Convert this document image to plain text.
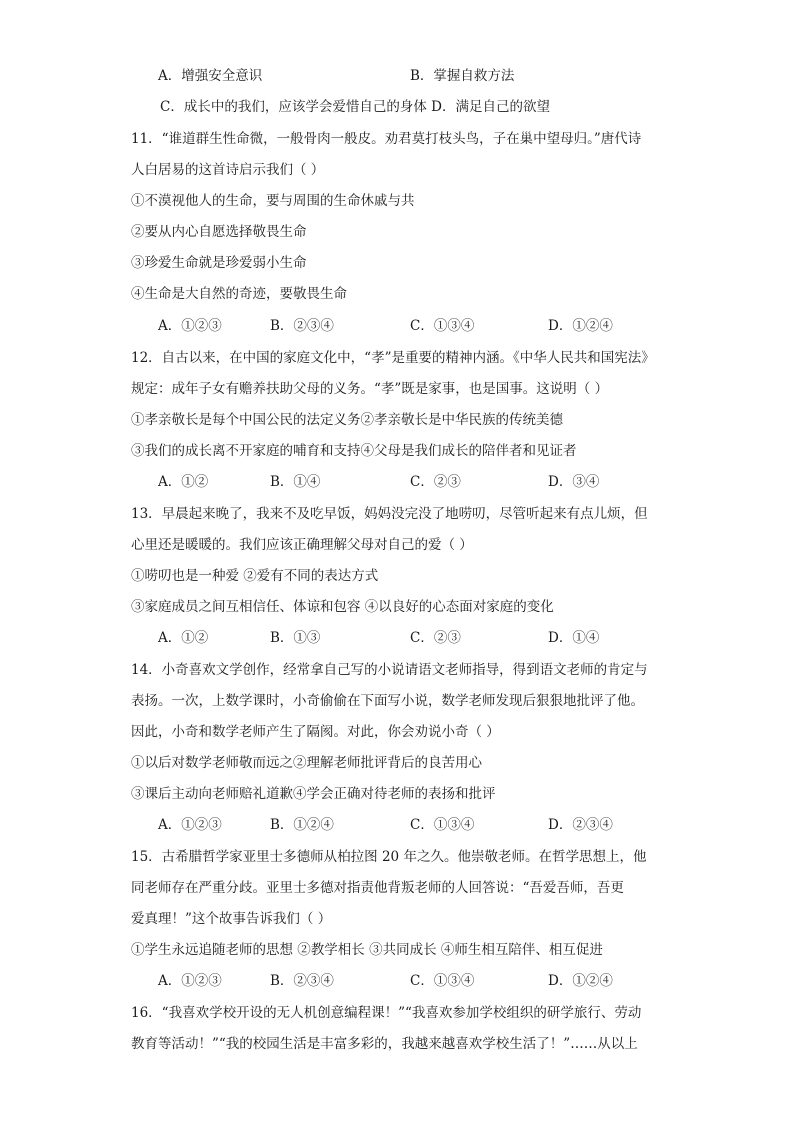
A．增强安全意识	B．掌握自救方法
C．成长中的我们，应该学会爱惜自己的身体 D．满足自己的欲望
11．“谁道群生性命微，一般骨肉一般皮。劝君莫打枝头鸟，子在巢中望母归。”唐代诗
人白居易的这首诗启示我们（ ）
①不漠视他人的生命，要与周围的生命休戚与共
②要从内心自愿选择敬畏生命
③珍爱生命就是珍爱弱小生命
④生命是大自然的奇迹，要敬畏生命
A．①②③	B．②③④	C．①③④	D．①②④
12．自古以来，在中国的家庭文化中，“孝”是重要的精神内涵。《中华人民共和国宪法》
规定：成年子女有赡养扶助父母的义务。“孝”既是家事，也是国事。这说明（ ）
①孝亲敬长是每个中国公民的法定义务②孝亲敬长是中华民族的传统美德
③我们的成长离不开家庭的哺育和支持④父母是我们成长的陪伴者和见证者
A．①②	B．①④	C．②③	D．③④
13．早晨起来晚了，我来不及吃早饭，妈妈没完没了地唠叨，尽管听起来有点儿烦，但
心里还是暖暖的。我们应该正确理解父母对自己的爱（ ）
①唠叨也是一种爱 ②爱有不同的表达方式
③家庭成员之间互相信任、体谅和包容 ④以良好的心态面对家庭的变化
A．①②	B．①③	C．②③	D．①④
14．小奇喜欢文学创作，经常拿自己写的小说请语文老师指导，得到语文老师的肯定与
表扬。一次，上数学课时，小奇偷偷在下面写小说，数学老师发现后狠狠地批评了他。
因此，小奇和数学老师产生了隔阂。对此，你会劝说小奇（ ）
①以后对数学老师敬而远之②理解老师批评背后的良苦用心
③课后主动向老师赔礼道歉④学会正确对待老师的表扬和批评
A．①②③	B．①②④	C．①③④	D．②③④
15．古希腊哲学家亚里士多德师从柏拉图 20 年之久。他崇敬老师。在哲学思想上，他
同老师存在严重分歧。亚里士多德对指责他背叛老师的人回答说：“吾爱吾师，吾更
爱真理！”这个故事告诉我们（ ）
①学生永远追随老师的思想 ②教学相长 ③共同成长 ④师生相互陪伴、相互促进
A．①②③	B．②③④	C．①③④	D．①②④
16．“我喜欢学校开设的无人机创意编程课！”“我喜欢参加学校组织的研学旅行、劳动
教育等活动！”“我的校园生活是丰富多彩的，我越来越喜欢学校生活了！”……从以上
